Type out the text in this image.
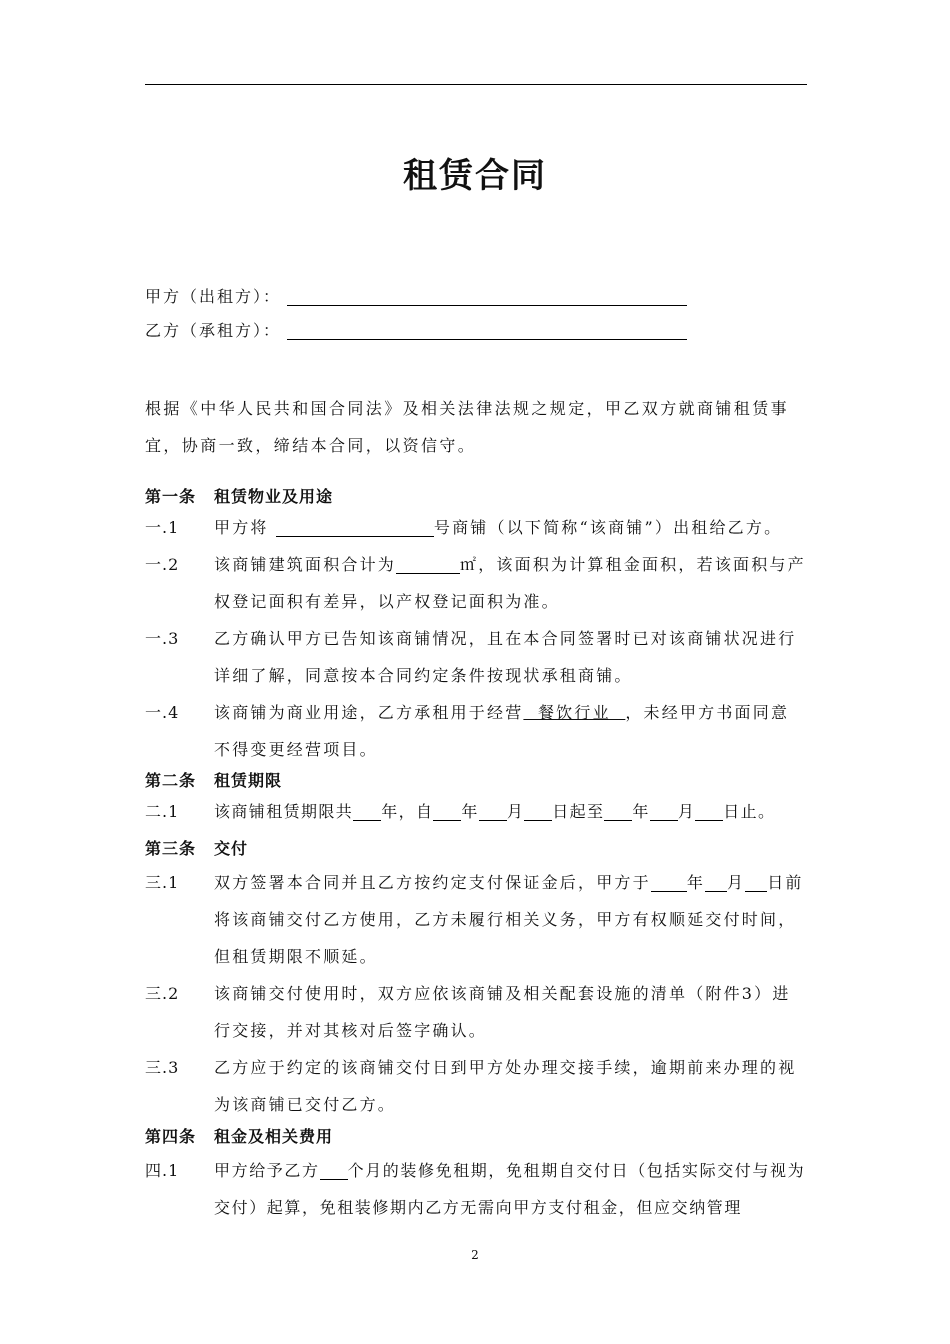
租赁合同
甲方（出租方）：
乙方（承租方）：
根据《中华人民共和国合同法》及相关法律法规之规定，甲乙双方就商铺租赁事宜，协商一致，缔结本合同，以资信守。
第一条 租赁物业及用途
一.1	甲方将	号商铺（以下简称“该商铺”）出租给乙方。
一.2	该商铺建筑面积合计为	㎡，该面积为计算租金面积，若该面积与产权登记面积有差异，以产权登记面积为准。
一.3	乙方确认甲方已告知该商铺情况，且在本合同签署时已对该商铺状况进行详细了解，同意按本合同约定条件按现状承租商铺。
一.4	该商铺为商业用途，乙方承租用于经营  餐饮行业  ，未经甲方书面同意不得变更经营项目。
第二条 租赁期限
二.1	该商铺租赁期限共 年，自 年 月 日起至 年 月 日止。
第三条 交付
三.1	双方签署本合同并且乙方按约定支付保证金后，甲方于 年 月 日前将该商铺交付乙方使用，乙方未履行相关义务，甲方有权顺延交付时间，但租赁期限不顺延。
三.2	该商铺交付使用时，双方应依该商铺及相关配套设施的清单（附件3）进行交接，并对其核对后签字确认。
三.3	乙方应于约定的该商铺交付日到甲方处办理交接手续，逾期前来办理的视为该商铺已交付乙方。
第四条 租金及相关费用
四.1	甲方给予乙方 个月的装修免租期，免租期自交付日（包括实际交付与视为交付）起算，免租装修期内乙方无需向甲方支付租金，但应交纳管理
2
